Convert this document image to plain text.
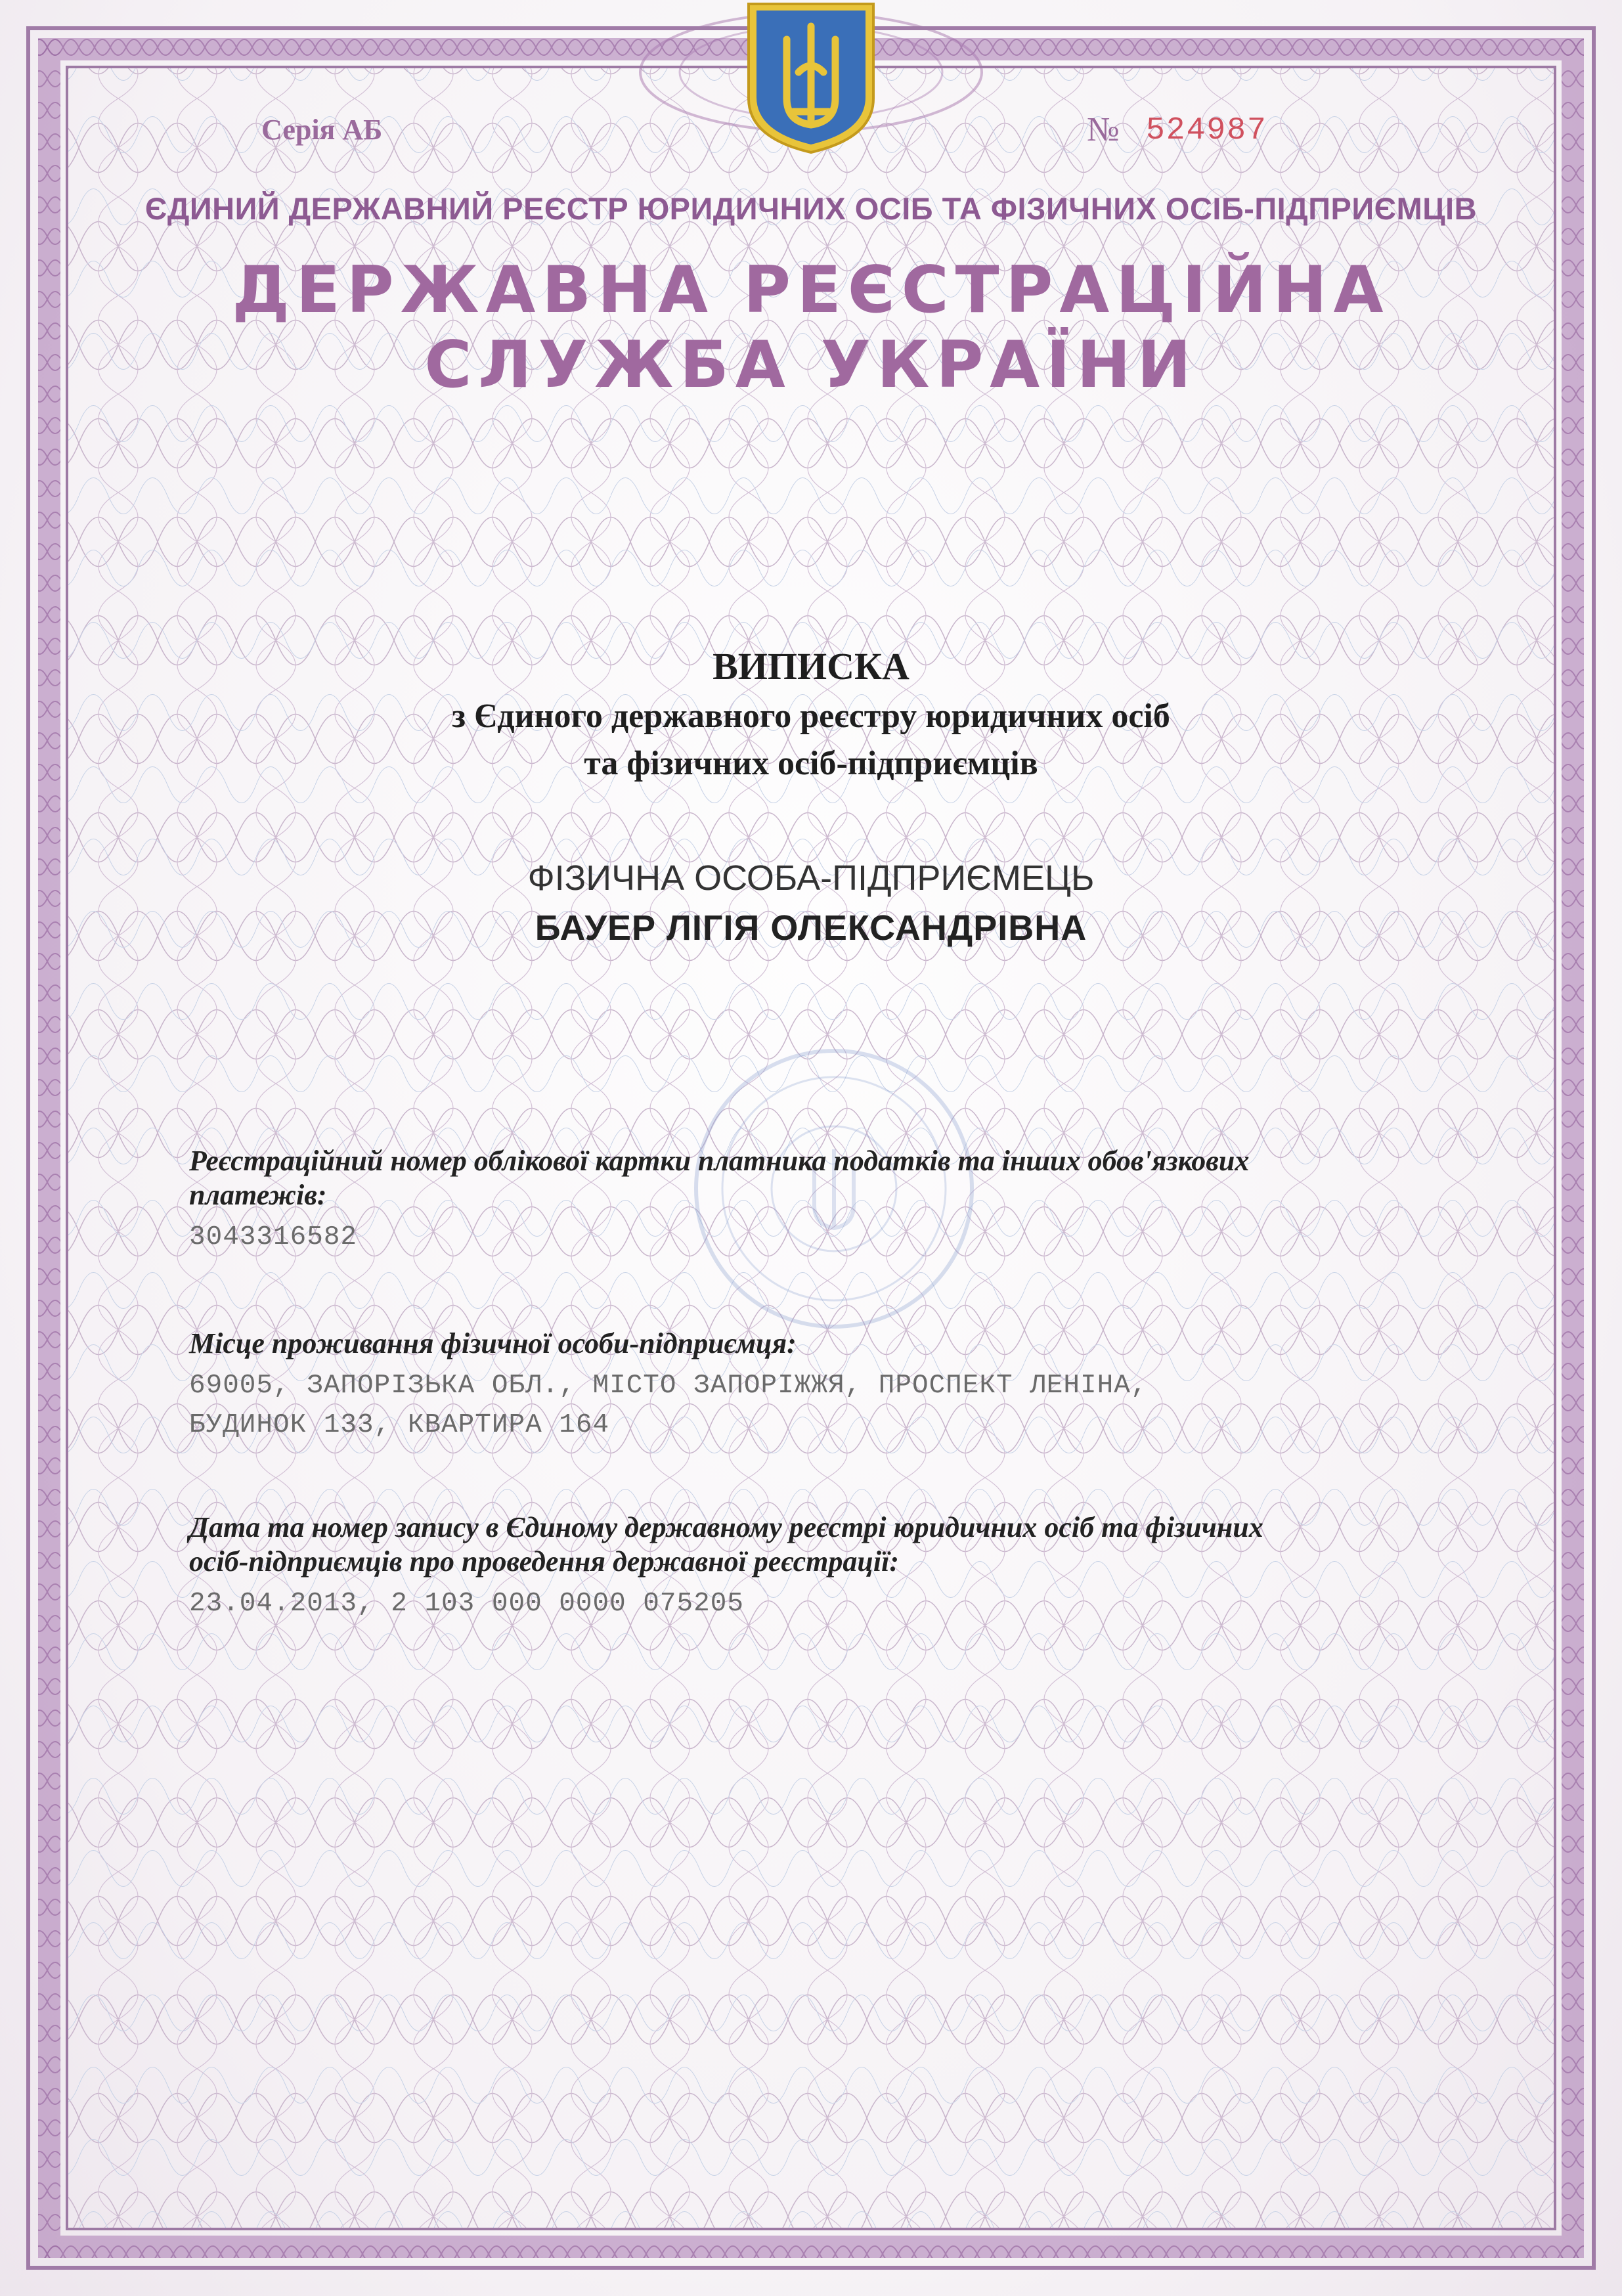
Серія АБ	№ 524987
ЄДИНИЙ ДЕРЖАВНИЙ РЕЄСТР ЮРИДИЧНИХ ОСІБ ТА ФІЗИЧНИХ ОСІБ-ПІДПРИЄМЦІВ
ДЕРЖАВНА РЕЄСТРАЦІЙНА
СЛУЖБА УКРАЇНИ
ВИПИСКА
з Єдиного державного реєстру юридичних осіб
та фізичних осіб-підприємців
ФІЗИЧНА ОСОБА-ПІДПРИЄМЕЦЬ
БАУЕР ЛІГІЯ ОЛЕКСАНДРІВНА
Реєстраційний номер облікової картки платника податків та інших обов'язкових
платежів:
3043316582
Місце проживання фізичної особи-підприємця:
69005, ЗАПОРІЗЬКА ОБЛ., МІСТО ЗАПОРІЖЖЯ, ПРОСПЕКТ ЛЕНІНА,
БУДИНОК 133, КВАРТИРА 164
Дата та номер запису в Єдиному державному реєстрі юридичних осіб та фізичних
осіб-підприємців про проведення державної реєстрації:
23.04.2013, 2 103 000 0000 075205
